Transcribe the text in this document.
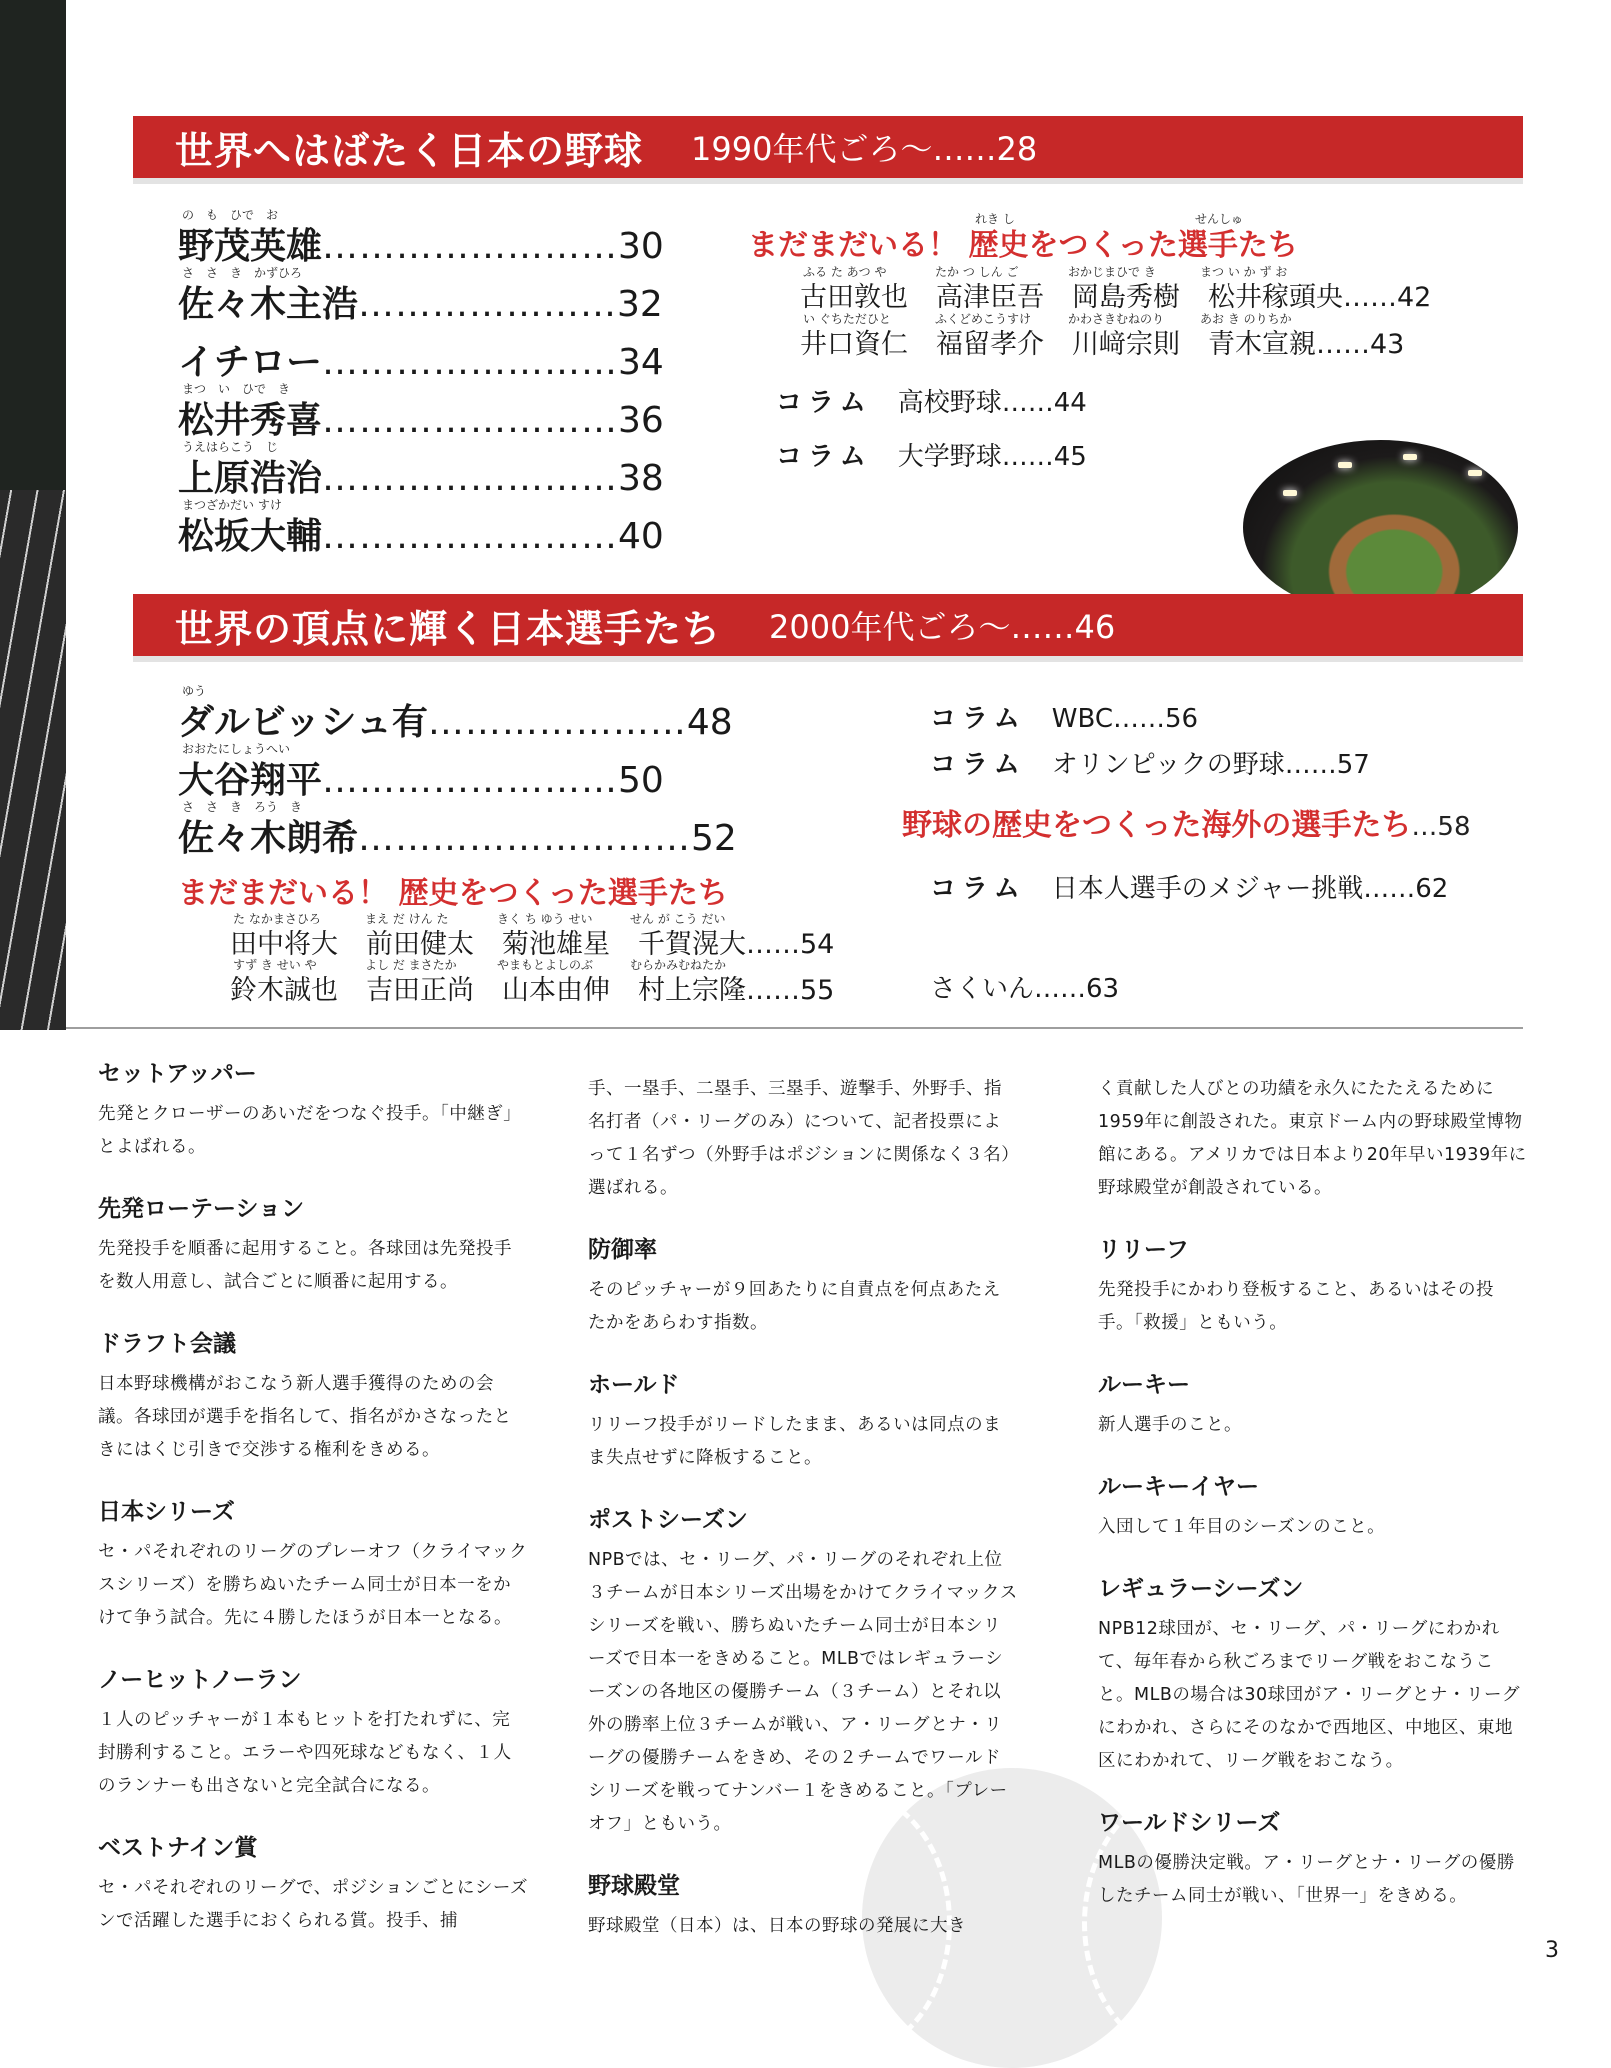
世界へはばたく日本の野球 1990年代ごろ〜……28
の　も　ひで　お
野茂英雄……………………30
さ　さ　き　かずひろ
佐々木主浩…………………32
イチロー……………………34
まつ　い　ひで　き
松井秀喜……………………36
うえはらこう　じ
上原浩治……………………38
まつざかだい すけ
松坂大輔……………………40
れき し	せんしゅ
まだまだいる！ 歴史をつくった選手たち
古田敦也 高津臣吾 岡島秀樹 松井稼頭央……42
ふる た あつ や	たか つ しん ご	おかじまひで き	まつ い か ず お
井口資仁 福留孝介 川﨑宗則 青木宣親……43
い ぐちただひと	ふくどめこうすけ	かわさきむねのり	あお き のりちか
コラム 高校野球……44
コラム 大学野球……45
世界の頂点に輝く日本選手たち 2000年代ごろ〜……46
ゆう
ダルビッシュ有…………………48
おおたにしょうへい
大谷翔平……………………50
さ　さ　き　ろう　き
佐々木朗希………………………52
まだまだいる！ 歴史をつくった選手たち
田中将大 前田健太 菊池雄星 千賀滉大……54
た なかまさひろ	まえ だ けん た	きく ち ゆう せい	せん が こう だい
鈴木誠也 吉田正尚 山本由伸 村上宗隆……55
すず き せい や	よし だ まさたか	やまもとよしのぶ	むらかみむねたか
コラム WBC……56
コラム オリンピックの野球……57
野球の歴史をつくった海外の選手たち…58
コラム 日本人選手のメジャー挑戦……62
さくいん……63
セットアッパー
先発とクローザーのあいだをつなぐ投手。「中継ぎ」とよばれる。
先発ローテーション
先発投手を順番に起用すること。各球団は先発投手を数人用意し、試合ごとに順番に起用する。
ドラフト会議
日本野球機構がおこなう新人選手獲得のための会議。各球団が選手を指名して、指名がかさなったときにはくじ引きで交渉する権利をきめる。
日本シリーズ
セ・パそれぞれのリーグのプレーオフ（クライマックスシリーズ）を勝ちぬいたチーム同士が日本一をかけて争う試合。先に４勝したほうが日本一となる。
ノーヒットノーラン
１人のピッチャーが１本もヒットを打たれずに、完封勝利すること。エラーや四死球などもなく、１人のランナーも出さないと完全試合になる。
ベストナイン賞
セ・パそれぞれのリーグで、ポジションごとにシーズンで活躍した選手におくられる賞。投手、捕
手、一塁手、二塁手、三塁手、遊撃手、外野手、指名打者（パ・リーグのみ）について、記者投票によって１名ずつ（外野手はポジションに関係なく３名）選ばれる。
防御率
そのピッチャーが９回あたりに自責点を何点あたえたかをあらわす指数。
ホールド
リリーフ投手がリードしたまま、あるいは同点のまま失点せずに降板すること。
ポストシーズン
NPBでは、セ・リーグ、パ・リーグのそれぞれ上位３チームが日本シリーズ出場をかけてクライマックスシリーズを戦い、勝ちぬいたチーム同士が日本シリーズで日本一をきめること。MLBではレギュラーシーズンの各地区の優勝チーム（３チーム）とそれ以外の勝率上位３チームが戦い、ア・リーグとナ・リーグの優勝チームをきめ、その２チームでワールドシリーズを戦ってナンバー１をきめること。「プレーオフ」ともいう。
野球殿堂
野球殿堂（日本）は、日本の野球の発展に大き
く貢献した人びとの功績を永久にたたえるために1959年に創設された。東京ドーム内の野球殿堂博物館にある。アメリカでは日本より20年早い1939年に野球殿堂が創設されている。
リリーフ
先発投手にかわり登板すること、あるいはその投手。「救援」ともいう。
ルーキー
新人選手のこと。
ルーキーイヤー
入団して１年目のシーズンのこと。
レギュラーシーズン
NPB12球団が、セ・リーグ、パ・リーグにわかれて、毎年春から秋ごろまでリーグ戦をおこなうこと。MLBの場合は30球団がア・リーグとナ・リーグにわかれ、さらにそのなかで西地区、中地区、東地区にわかれて、リーグ戦をおこなう。
ワールドシリーズ
MLBの優勝決定戦。ア・リーグとナ・リーグの優勝したチーム同士が戦い、「世界一」をきめる。
3
